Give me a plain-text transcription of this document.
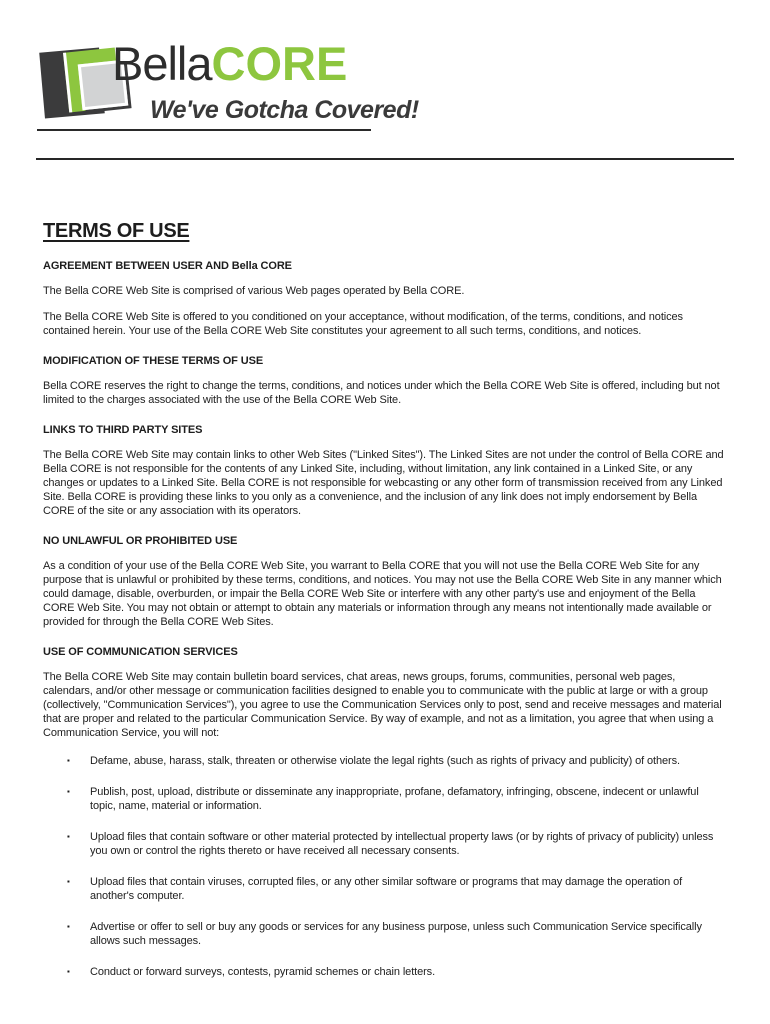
BellaCORE
We've Gotcha Covered!
TERMS OF USE
AGREEMENT BETWEEN USER AND Bella CORE

The Bella CORE Web Site is comprised of various Web pages operated by Bella CORE.

The Bella CORE Web Site is offered to you conditioned on your acceptance, without modification, of the terms, conditions, and notices contained herein. Your use of the Bella CORE Web Site constitutes your agreement to all such terms, conditions, and notices.

MODIFICATION OF THESE TERMS OF USE

Bella CORE reserves the right to change the terms, conditions, and notices under which the Bella CORE Web Site is offered, including but not limited to the charges associated with the use of the Bella CORE Web Site.

LINKS TO THIRD PARTY SITES

The Bella CORE Web Site may contain links to other Web Sites ("Linked Sites"). The Linked Sites are not under the control of Bella CORE and Bella CORE is not responsible for the contents of any Linked Site, including, without limitation, any link contained in a Linked Site, or any changes or updates to a Linked Site. Bella CORE is not responsible for webcasting or any other form of transmission received from any Linked Site. Bella CORE is providing these links to you only as a convenience, and the inclusion of any link does not imply endorsement by Bella CORE of the site or any association with its operators.

NO UNLAWFUL OR PROHIBITED USE

As a condition of your use of the Bella CORE Web Site, you warrant to Bella CORE that you will not use the Bella CORE Web Site for any purpose that is unlawful or prohibited by these terms, conditions, and notices. You may not use the Bella CORE Web Site in any manner which could damage, disable, overburden, or impair the Bella CORE Web Site or interfere with any other party's use and enjoyment of the Bella CORE Web Site. You may not obtain or attempt to obtain any materials or information through any means not intentionally made available or provided for through the Bella CORE Web Sites.

USE OF COMMUNICATION SERVICES

The Bella CORE Web Site may contain bulletin board services, chat areas, news groups, forums, communities, personal web pages, calendars, and/or other message or communication facilities designed to enable you to communicate with the public at large or with a group (collectively, "Communication Services"), you agree to use the Communication Services only to post, send and receive messages and material that are proper and related to the particular Communication Service. By way of example, and not as a limitation, you agree that when using a Communication Service, you will not:

▪ Defame, abuse, harass, stalk, threaten or otherwise violate the legal rights (such as rights of privacy and publicity) of others.
▪ Publish, post, upload, distribute or disseminate any inappropriate, profane, defamatory, infringing, obscene, indecent or unlawful topic, name, material or information.
▪ Upload files that contain software or other material protected by intellectual property laws (or by rights of privacy of publicity) unless you own or control the rights thereto or have received all necessary consents.
▪ Upload files that contain viruses, corrupted files, or any other similar software or programs that may damage the operation of another's computer.
▪ Advertise or offer to sell or buy any goods or services for any business purpose, unless such Communication Service specifically allows such messages.
▪ Conduct or forward surveys, contests, pyramid schemes or chain letters.
